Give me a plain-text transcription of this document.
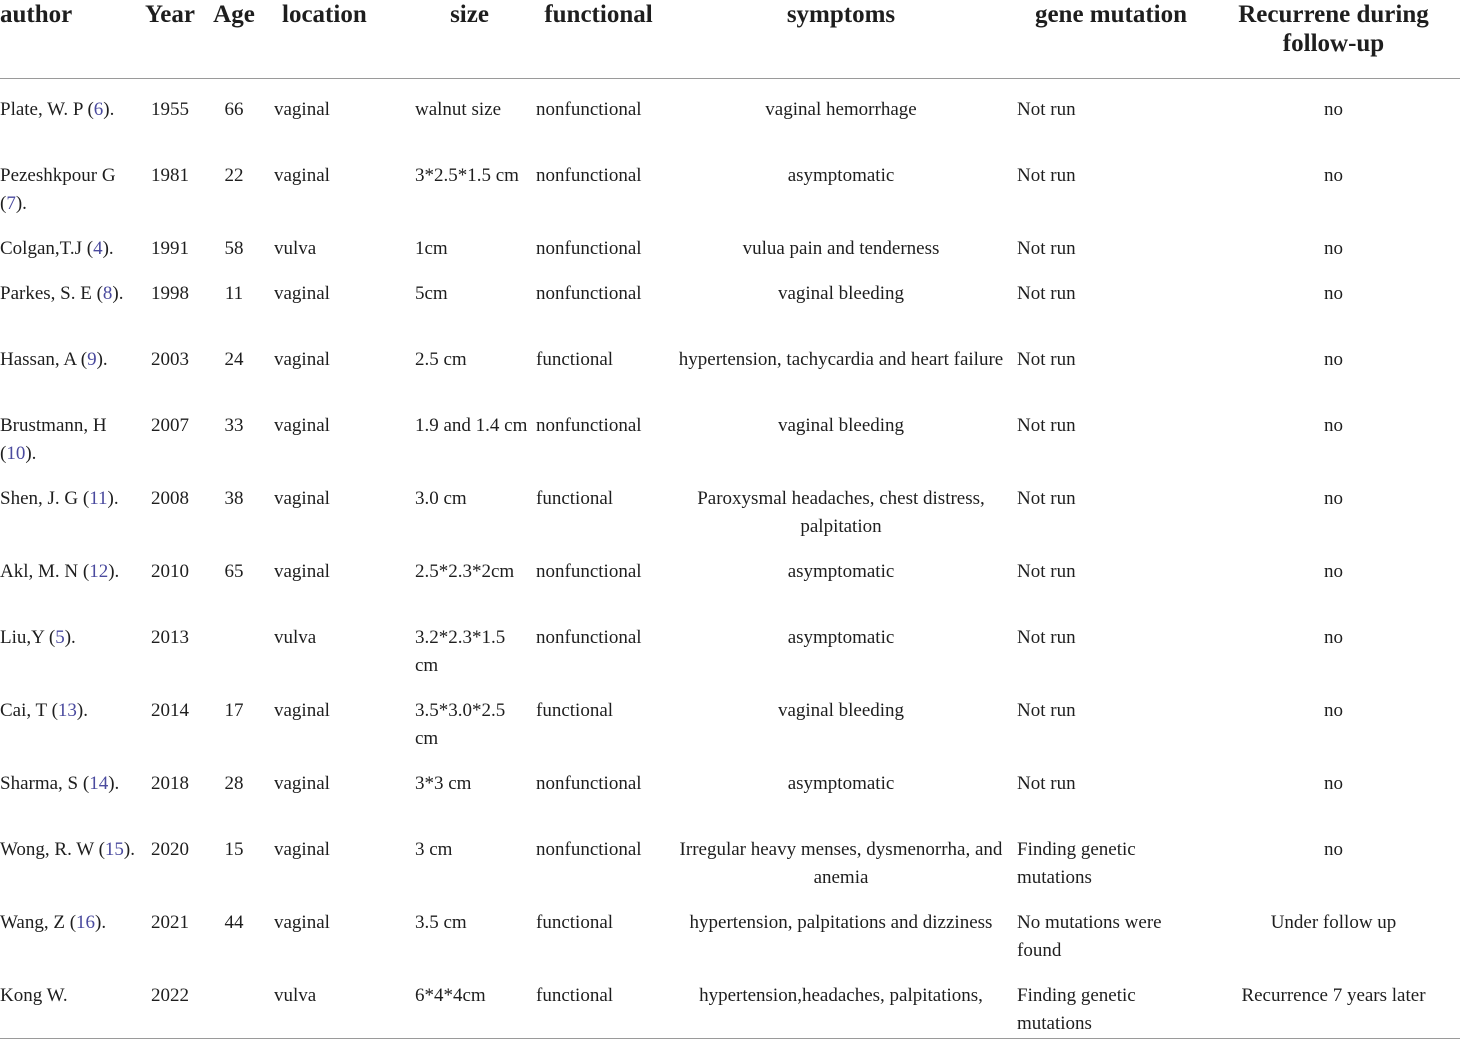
author	Year	Age	location	size	functional	symptoms	gene mutation	Recurrene during follow-up
Plate, W. P (6).	1955	66	vaginal	walnut size	nonfunctional	vaginal hemorrhage	Not run	no
Pezeshkpour G (7).	1981	22	vaginal	3*2.5*1.5 cm	nonfunctional	asymptomatic	Not run	no
Colgan,T.J (4).	1991	58	vulva	1cm	nonfunctional	vulua pain and tenderness	Not run	no
Parkes, S. E (8).	1998	11	vaginal	5cm	nonfunctional	vaginal bleeding	Not run	no
Hassan, A (9).	2003	24	vaginal	2.5 cm	functional	hypertension, tachycardia and heart failure	Not run	no
Brustmann, H (10).	2007	33	vaginal	1.9 and 1.4 cm	nonfunctional	vaginal bleeding	Not run	no
Shen, J. G (11).	2008	38	vaginal	3.0 cm	functional	Paroxysmal headaches, chest distress, palpitation	Not run	no
Akl, M. N (12).	2010	65	vaginal	2.5*2.3*2cm	nonfunctional	asymptomatic	Not run	no
Liu,Y (5).	2013		vulva	3.2*2.3*1.5 cm	nonfunctional	asymptomatic	Not run	no
Cai, T (13).	2014	17	vaginal	3.5*3.0*2.5 cm	functional	vaginal bleeding	Not run	no
Sharma, S (14).	2018	28	vaginal	3*3 cm	nonfunctional	asymptomatic	Not run	no
Wong, R. W (15).	2020	15	vaginal	3 cm	nonfunctional	Irregular heavy menses, dysmenorrha, and anemia	Finding genetic mutations	no
Wang, Z (16).	2021	44	vaginal	3.5 cm	functional	hypertension, palpitations and dizziness	No mutations were found	Under follow up
Kong W.	2022		vulva	6*4*4cm	functional	hypertension,headaches, palpitations,	Finding genetic mutations	Recurrence 7 years later
